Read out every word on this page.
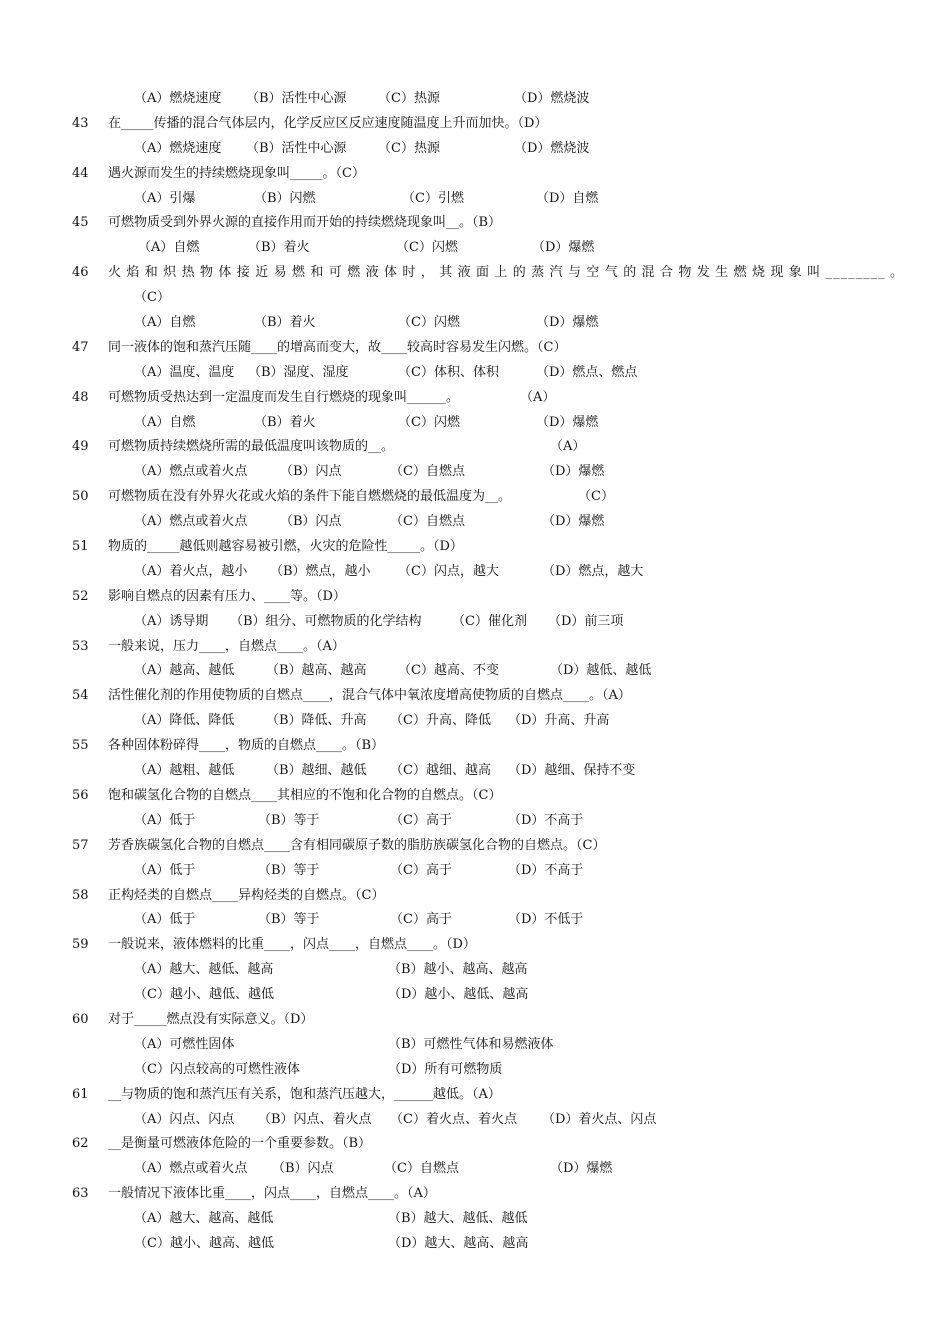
（A）燃烧速度 （B）活性中心源 （C）热源	（D）燃烧波
43 在_____传播的混合气体层内，化学反应区反应速度随温度上升而加快。（D）
（A）燃烧速度 （B）活性中心源 （C）热源	（D）燃烧波
44 遇火源而发生的持续燃烧现象叫_____。（C）
（A）引爆	（B）闪燃	（C）引燃	（D）自燃
45 可燃物质受到外界火源的直接作用而开始的持续燃烧现象叫__。（B）
（A）自燃	（B）着火	（C）闪燃	（D）爆燃
46 火焰和炽热物体接近易燃和可燃液体时，其液面上的蒸汽与空气的混合物发生燃烧现象叫________。
（C）
（A）自燃	（B）着火	（C）闪燃	（D）爆燃
47 同一液体的饱和蒸汽压随____的增高而变大，故____较高时容易发生闪燃。（C）
（A）温度、温度 （B）湿度、湿度	（C）体积、体积	（D）燃点、燃点
48 可燃物质受热达到一定温度而发生自行燃烧的现象叫______。	（A）
（A）自燃	（B）着火	（C）闪燃	（D）爆燃
49 可燃物质持续燃烧所需的最低温度叫该物质的__。	（A）
（A）燃点或着火点	（B）闪点	（C）自燃点	（D）爆燃
50 可燃物质在没有外界火花或火焰的条件下能自燃燃烧的最低温度为__。	（C）
（A）燃点或着火点	（B）闪点	（C）自燃点	（D）爆燃
51 物质的_____越低则越容易被引燃，火灾的危险性_____。（D）
（A）着火点，越小 （B）燃点，越小 （C）闪点，越大	（D）燃点，越大
52 影响自燃点的因素有压力、____等。（D）
（A）诱导期 （B）组分、可燃物质的化学结构 （C）催化剂 （D）前三项
53 一般来说，压力____，自燃点____。（A）
（A）越高、越低 （B）越高、越高 （C）越高、不变	（D）越低、越低
54 活性催化剂的作用使物质的自燃点____，混合气体中氧浓度增高使物质的自燃点____。（A）
（A）降低、降低 （B）降低、升高 （C）升高、降低 （D）升高、升高
55 各种固体粉碎得____，物质的自燃点____。（B）
（A）越粗、越低 （B）越细、越低 （C）越细、越高 （D）越细、保持不变
56 饱和碳氢化合物的自燃点____其相应的不饱和化合物的自燃点。（C）
（A）低于	（B）等于	（C）高于	（D）不高于
57 芳香族碳氢化合物的自燃点____含有相同碳原子数的脂肪族碳氢化合物的自燃点。（C）
（A）低于	（B）等于	（C）高于	（D）不高于
58 正构烃类的自燃点____异构烃类的自燃点。（C）
（A）低于	（B）等于	（C）高于	（D）不低于
59 一般说来，液体燃料的比重____，闪点____，自燃点____。（D）
（A）越大、越低、越高	（B）越小、越高、越高
（C）越小、越低、越低	（D）越小、越低、越高
60 对于_____燃点没有实际意义。（D）
（A）可燃性固体	（B）可燃性气体和易燃液体
（C）闪点较高的可燃性液体	（D）所有可燃物质
61 __与物质的饱和蒸汽压有关系，饱和蒸汽压越大，______越低。（A）
（A）闪点、闪点 （B）闪点、着火点 （C）着火点、着火点 （D）着火点、闪点
62 __是衡量可燃液体危险的一个重要参数。（B）
（A）燃点或着火点 （B）闪点	（C）自燃点	（D）爆燃
63 一般情况下液体比重____，闪点____，自燃点____。（A）
（A）越大、越高、越低	（B）越大、越低、越低
（C）越小、越高、越低	（D）越大、越高、越高
